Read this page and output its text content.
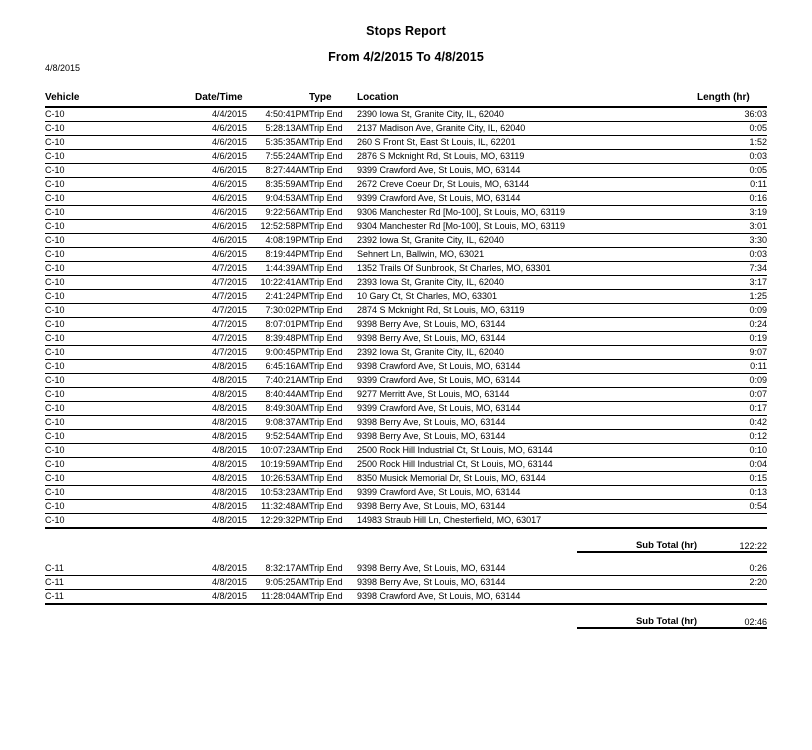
Stops Report
From 4/2/2015 To 4/8/2015
4/8/2015
Vehicle	Date/Time		Type	Location	Length (hr)
C-10	4/4/2015	4:50:41PM	Trip End	2390 Iowa St, Granite City, IL, 62040	36:03
C-10	4/6/2015	5:28:13AM	Trip End	2137 Madison Ave, Granite City, IL, 62040	0:05
C-10	4/6/2015	5:35:35AM	Trip End	260 S Front St, East St Louis, IL, 62201	1:52
C-10	4/6/2015	7:55:24AM	Trip End	2876 S Mcknight Rd, St Louis, MO, 63119	0:03
C-10	4/6/2015	8:27:44AM	Trip End	9399 Crawford Ave, St Louis, MO, 63144	0:05
C-10	4/6/2015	8:35:59AM	Trip End	2672 Creve Coeur Dr, St Louis, MO, 63144	0:11
C-10	4/6/2015	9:04:53AM	Trip End	9399 Crawford Ave, St Louis, MO, 63144	0:16
C-10	4/6/2015	9:22:56AM	Trip End	9306 Manchester Rd [Mo-100], St Louis, MO, 63119	3:19
C-10	4/6/2015	12:52:58PM	Trip End	9304 Manchester Rd [Mo-100], St Louis, MO, 63119	3:01
C-10	4/6/2015	4:08:19PM	Trip End	2392 Iowa St, Granite City, IL, 62040	3:30
C-10	4/6/2015	8:19:44PM	Trip End	Sehnert Ln, Ballwin, MO, 63021	0:03
C-10	4/7/2015	1:44:39AM	Trip End	1352 Trails Of Sunbrook, St Charles, MO, 63301	7:34
C-10	4/7/2015	10:22:41AM	Trip End	2393 Iowa St, Granite City, IL, 62040	3:17
C-10	4/7/2015	2:41:24PM	Trip End	10 Gary Ct, St Charles, MO, 63301	1:25
C-10	4/7/2015	7:30:02PM	Trip End	2874 S Mcknight Rd, St Louis, MO, 63119	0:09
C-10	4/7/2015	8:07:01PM	Trip End	9398 Berry Ave, St Louis, MO, 63144	0:24
C-10	4/7/2015	8:39:48PM	Trip End	9398 Berry Ave, St Louis, MO, 63144	0:19
C-10	4/7/2015	9:00:45PM	Trip End	2392 Iowa St, Granite City, IL, 62040	9:07
C-10	4/8/2015	6:45:16AM	Trip End	9398 Crawford Ave, St Louis, MO, 63144	0:11
C-10	4/8/2015	7:40:21AM	Trip End	9399 Crawford Ave, St Louis, MO, 63144	0:09
C-10	4/8/2015	8:40:44AM	Trip End	9277 Merritt Ave, St Louis, MO, 63144	0:07
C-10	4/8/2015	8:49:30AM	Trip End	9399 Crawford Ave, St Louis, MO, 63144	0:17
C-10	4/8/2015	9:08:37AM	Trip End	9398 Berry Ave, St Louis, MO, 63144	0:42
C-10	4/8/2015	9:52:54AM	Trip End	9398 Berry Ave, St Louis, MO, 63144	0:12
C-10	4/8/2015	10:07:23AM	Trip End	2500 Rock Hill Industrial Ct, St Louis, MO, 63144	0:10
C-10	4/8/2015	10:19:59AM	Trip End	2500 Rock Hill Industrial Ct, St Louis, MO, 63144	0:04
C-10	4/8/2015	10:26:53AM	Trip End	8350 Musick Memorial Dr, St Louis, MO, 63144	0:15
C-10	4/8/2015	10:53:23AM	Trip End	9399 Crawford Ave, St Louis, MO, 63144	0:13
C-10	4/8/2015	11:32:48AM	Trip End	9398 Berry Ave, St Louis, MO, 63144	0:54
C-10	4/8/2015	12:29:32PM	Trip End	14983 Straub Hill Ln, Chesterfield, MO, 63017	
Sub Total (hr)	122:22
C-11	4/8/2015	8:32:17AM	Trip End	9398 Berry Ave, St Louis, MO, 63144	0:26
C-11	4/8/2015	9:05:25AM	Trip End	9398 Berry Ave, St Louis, MO, 63144	2:20
C-11	4/8/2015	11:28:04AM	Trip End	9398 Crawford Ave, St Louis, MO, 63144	
Sub Total (hr)	02:46
